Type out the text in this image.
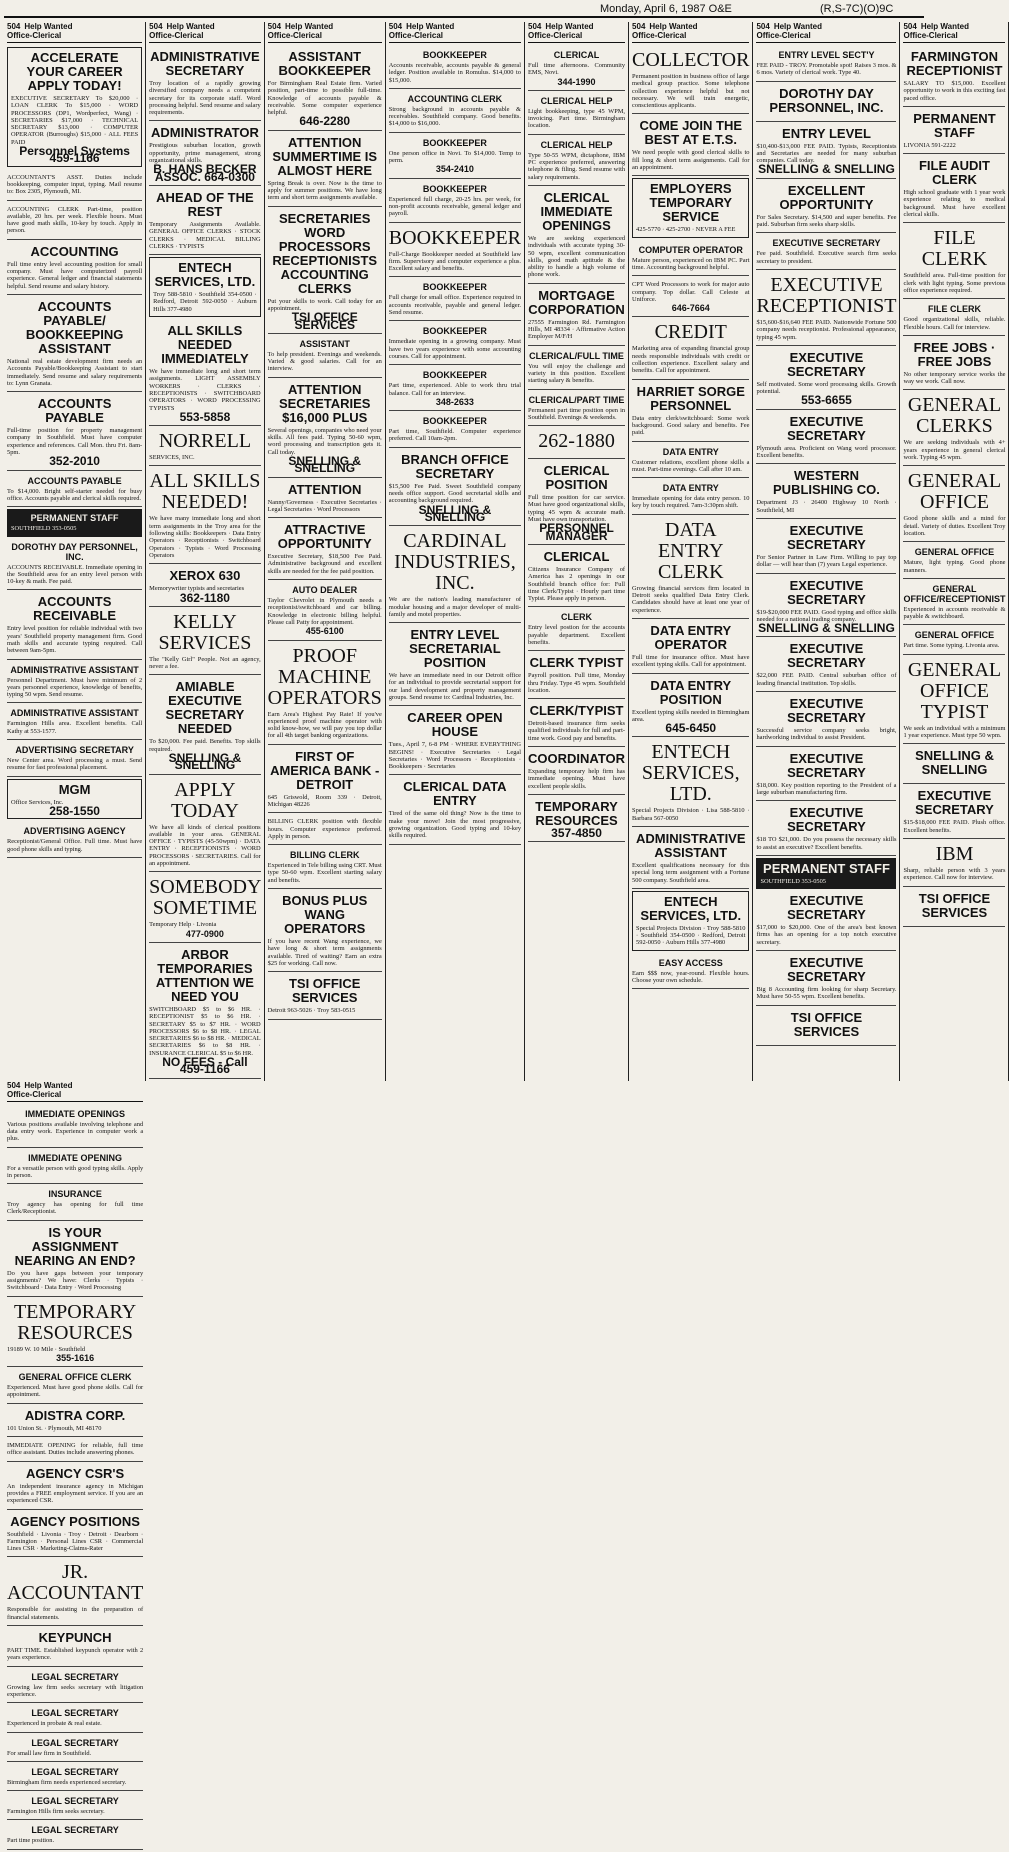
Monday, April 6, 1987 O&E	(R,S-7C)(O)9C
504 Help Wanted
Office-Clerical
ACCELERATE YOUR CAREER APPLY TODAY!
EXECUTIVE SECRETARY To $20,000 · LOAN CLERK To $15,000 · WORD PROCESSORS (DP1, Wordperfect, Wang) · SECRETARIES $17,000 · TECHNICAL SECRETARY $13,000 · COMPUTER OPERATOR (Burroughs) $15,000 · ALL FEES PAID
Personnel Systems 459-1166
ACCOUNTANT'S ASST. Duties include bookkeeping, computer input, typing. Mail resume to: Box 2305, Plymouth, MI.
ACCOUNTING CLERK Part-time, position available, 20 hrs. per week. Flexible hours. Must have good math skills, 10-key by touch. Apply in person.
ACCOUNTING
Full time entry level accounting position for small company. Must have computerized payroll experience. General ledger and financial statements helpful. Send resume and salary history.
ACCOUNTS PAYABLE/ BOOKKEEPING ASSISTANT
National real estate development firm needs an Accounts Payable/Bookkeeping Assistant to start immediately. Send resume and salary requirements to: Lynn Granata.
ACCOUNTS PAYABLE
Full-time position for property management company in Southfield. Must have computer experience and references. Call Mon. thru Fri. 8am-5pm.
352-2010
ACCOUNTS PAYABLE
To $14,000. Bright self-starter needed for busy office. Accounts payable and clerical skills required.
PERMANENT STAFF
SOUTHFIELD 353-0505
DOROTHY DAY PERSONNEL, INC.
ACCOUNTS RECEIVABLE. Immediate opening in the Southfield area for an entry level person with 10-key & math. Fee paid.
ACCOUNTS RECEIVABLE
Entry level position for reliable individual with two years' Southfield property management firm. Good math skills and accurate typing required. Call between 9am-5pm.
ADMINISTRATIVE ASSISTANT
Personnel Department. Must have minimum of 2 years personnel experience, knowledge of benefits, typing 50 wpm. Send resume.
ADMINISTRATIVE ASSISTANT
Farmington Hills area. Excellent benefits. Call Kathy at 553-1577.
ADVERTISING SECRETARY
New Center area. Word processing a must. Send resume for fast professional placement.
MGM
Office Services, Inc.
258-1550
ADVERTISING AGENCY
Receptionist/General Office. Full time. Must have good phone skills and typing.
504 Help Wanted
Office-Clerical
ADMINISTRATIVE SECRETARY
Troy location of a rapidly growing diversified company needs a competent secretary for its corporate staff. Word processing helpful. Send resume and salary requirements.
ADMINISTRATOR
Prestigious suburban location, growth opportunity, prime management, strong organizational skills.
B. HANS BECKER ASSOC. 664-0300
AHEAD OF THE REST
Temporary Assignments Available. GENERAL OFFICE CLERKS · STOCK CLERKS · MEDICAL BILLING CLERKS · TYPISTS
ENTECH SERVICES, LTD.
Troy 588-5810 · Southfield 354-0500 · Redford, Detroit 592-0050 · Auburn Hills 377-4980
ALL SKILLS NEEDED IMMEDIATELY
We have immediate long and short term assignments. LIGHT ASSEMBLY WORKERS · CLERKS · RECEPTIONISTS · SWITCHBOARD OPERATORS · WORD PROCESSING TYPISTS
553-5858
NORRELL
SERVICES, INC.
ALL SKILLS NEEDED!
We have many immediate long and short term assignments in the Troy area for the following skills: Bookkeepers · Data Entry Operators · Receptionists · Switchboard Operators · Typists · Word Processing Operators
XEROX 630
Memorywriter typists and secretaries
362-1180
KELLY SERVICES
The "Kelly Girl" People. Not an agency, never a fee.
AMIABLE EXECUTIVE SECRETARY NEEDED
To $20,000. Fee paid. Benefits. Top skills required.
SNELLING & SNELLING
APPLY TODAY
We have all kinds of clerical positions available in your area. GENERAL OFFICE · TYPISTS (45-50wpm) · DATA ENTRY · RECEPTIONISTS · WORD PROCESSORS · SECRETARIES. Call for an appointment.
SOMEBODY SOMETIME
Temporary Help · Livonia
477-0900
ARBOR TEMPORARIES ATTENTION WE NEED YOU
SWITCHBOARD $5 to $6 HR. · RECEPTIONIST $5 to $6 HR. · SECRETARY $5 to $7 HR. · WORD PROCESSORS $6 to $8 HR. · LEGAL SECRETARIES $6 to $8 HR. · MEDICAL SECRETARIES $6 to $8 HR. · INSURANCE CLERICAL $5 to $6 HR.
NO FEES - Call 459-1166
504 Help Wanted
Office-Clerical
ASSISTANT BOOKKEEPER
For Birmingham Real Estate firm. Varied position, part-time to possible full-time. Knowledge of accounts payable & receivable. Some computer experience helpful.
646-2280
ATTENTION SUMMERTIME IS ALMOST HERE
Spring Break is over. Now is the time to apply for summer positions. We have long term and short term assignments available.
SECRETARIES WORD PROCESSORS RECEPTIONISTS ACCOUNTING CLERKS
Put your skills to work. Call today for an appointment.
TSI OFFICE SERVICES
ASSISTANT
To help president. Evenings and weekends. Varied & good salaries. Call for an interview.
ATTENTION SECRETARIES $16,000 PLUS
Several openings, companies who need your skills. All fees paid. Typing 50-60 wpm, word processing and transcription gets it. Call today.
SNELLING & SNELLING
ATTENTION
Nanny/Governess · Executive Secretaries · Legal Secretaries · Word Processors
ATTRACTIVE OPPORTUNITY
Executive Secretary, $18,500 Fee Paid. Administrative background and excellent skills are needed for the fee paid position.
AUTO DEALER
Taylor Chevrolet in Plymouth needs a receptionist/switchboard and car billing. Knowledge in electronic billing helpful. Please call Patty for appointment.
455-6100
PROOF MACHINE OPERATORS
Earn Area's Highest Pay Rate! If you've experienced proof machine operator with solid know-how, we will pay you top dollar for all 4th target banking organizations.
FIRST OF AMERICA BANK - DETROIT
645 Griswold, Room 339 · Detroit, Michigan 48226
BILLING CLERK position with flexible hours. Computer experience preferred. Apply in person.
BILLING CLERK
Experienced in Tele billing using CRT. Must type 50-60 wpm. Excellent starting salary and benefits.
BONUS PLUS WANG OPERATORS
If you have recent Wang experience, we have long & short term assignments available. Tired of waiting? Earn an extra $25 for working. Call now.
TSI OFFICE SERVICES
Detroit 963-5026 · Troy 583-0515
504 Help Wanted
Office-Clerical
BOOKKEEPER
Accounts receivable, accounts payable & general ledger. Position available in Romulus. $14,000 to $15,000.
ACCOUNTING CLERK
Strong background in accounts payable & receivables. Southfield company. Good benefits. $14,000 to $16,000.
BOOKKEEPER
One person office in Novi. To $14,000. Temp to perm.
354-2410
BOOKKEEPER
Experienced full charge, 20-25 hrs. per week, for non-profit accounts receivable, general ledger and payroll.
BOOKKEEPER
Full-Charge Bookkeeper needed at Southfield law firm. Supervisory and computer experience a plus. Excellent salary and benefits.
BOOKKEEPER
Full charge for small office. Experience required in accounts receivable, payable and general ledger. Send resume.
BOOKKEEPER
Immediate opening in a growing company. Must have two years experience with some accounting courses. Call for appointment.
BOOKKEEPER
Part time, experienced. Able to work thru trial balance. Call for an interview.
348-2633
BOOKKEEPER
Part time, Southfield. Computer experience preferred. Call 10am-2pm.
BRANCH OFFICE SECRETARY
$15,500 Fee Paid. Sweet Southfield company needs office support. Good secretarial skills and accounting background required.
SNELLING & SNELLING
CARDINAL INDUSTRIES, INC.
We are the nation's leading manufacturer of modular housing and a major developer of multi-family and motel properties.
ENTRY LEVEL SECRETARIAL POSITION
We have an immediate need in our Detroit office for an individual to provide secretarial support for our land development and property management groups. Send resume to: Cardinal Industries, Inc.
CAREER OPEN HOUSE
Tues., April 7, 6-8 PM · WHERE EVERYTHING BEGINS! · Executive Secretaries · Legal Secretaries · Word Processors · Receptionists · Bookkeepers · Secretaries
CLERICAL DATA ENTRY
Tired of the same old thing? Now is the time to make your move! Join the most progressive, growing organization. Good typing and 10-key skills required.
504 Help Wanted
Office-Clerical
CLERICAL
Full time afternoons. Community EMS, Novi.
344-1990
CLERICAL HELP
Light bookkeeping, type 45 WPM, invoicing. Part time. Birmingham location.
CLERICAL HELP
Type 50-55 WPM, dictaphone, IBM PC experience preferred, answering telephone & filing. Send resume with salary requirements.
CLERICAL IMMEDIATE OPENINGS
We are seeking experienced individuals with accurate typing 30-50 wpm, excellent communication skills, good math aptitude & the ability to handle a high volume of phone work.
MORTGAGE CORPORATION
27555 Farmington Rd. Farmington Hills, MI 48334 · Affirmative Action Employer M/F/H
CLERICAL/FULL TIME
You will enjoy the challenge and variety in this position. Excellent starting salary & benefits.
CLERICAL/PART TIME
Permanent part time position open in Southfield. Evenings & weekends.
262-1880
CLERICAL POSITION
Full time position for car service. Must have good organizational skills, typing 45 wpm & accurate math. Must have own transportation.
PERSONNEL MANAGER
CLERICAL
Citizens Insurance Company of America has 2 openings in our Southfield branch office for: Full time Clerk/Typist · Hourly part time Typist. Please apply in person.
CLERK
Entry level postion for the accounts payable department. Excellent benefits.
CLERK TYPIST
Payroll position. Full time, Monday thru Friday. Type 45 wpm. Southfield location.
CLERK/TYPIST
Detroit-based insurance firm seeks qualified individuals for full and part-time work. Good pay and benefits.
COORDINATOR
Expanding temporary help firm has immediate opening. Must have excellent people skills.
TEMPORARY RESOURCES
357-4850
504 Help Wanted
Office-Clerical
COLLECTOR
Permanent position in business office of large medical group practice. Some telephone collection experience helpful but not necessary. We will train energetic, conscientious applicants.
COME JOIN THE BEST AT E.T.S.
We need people with good clerical skills to fill long & short term assignments. Call for an appointment.
EMPLOYERS TEMPORARY SERVICE
425-5770 · 425-2700 · NEVER A FEE
COMPUTER OPERATOR
Mature person, experienced on IBM PC. Part time. Accounting background helpful.
CPT Word Processors to work for major auto company. Top dollar. Call Celeste at Uniforce.
646-7664
CREDIT
Marketing area of expanding financial group needs responsible individuals with credit or collection experience. Excellent salary and benefits. Call for appointment.
HARRIET SORGE PERSONNEL
Data entry clerk/switchboard: Some work background. Good salary and benefits. Fee paid.
DATA ENTRY
Customer relations, excellent phone skills a must. Part-time evenings. Call after 10 am.
DATA ENTRY
Immediate opening for data entry person. 10 key by touch required. 7am-3:30pm shift.
DATA ENTRY CLERK
Growing financial services firm located in Detroit seeks qualified Data Entry Clerk. Candidates should have at least one year of experience.
DATA ENTRY OPERATOR
Full time for insurance office. Must have excellent typing skills. Call for appointment.
DATA ENTRY POSITION
Excellent typing skills needed in Birmingham area.
645-6450
ENTECH SERVICES, LTD.
Special Projects Division · Lisa 588-5810 · Barbara 567-0050
ADMINISTRATIVE ASSISTANT
Excellent qualifications necessary for this special long term assignment with a Fortune 500 company. Southfield area.
ENTECH SERVICES, LTD.
Special Projects Division · Troy 588-5810 · Southfield 354-0500 · Redford, Detroit 592-0050 · Auburn Hills 377-4980
EASY ACCESS
Earn $$$ now, year-round. Flexible hours. Choose your own schedule.
504 Help Wanted
Office-Clerical
ENTRY LEVEL SECT'Y
FEE PAID - TROY. Promotable spot! Raises 3 mos. & 6 mos. Variety of clerical work. Type 40.
DOROTHY DAY PERSONNEL, INC.
ENTRY LEVEL
$10,400-$13,000 FEE PAID. Typists, Receptionists and Secretaries are needed for many suburban companies. Call today.
SNELLING & SNELLING
EXCELLENT OPPORTUNITY
For Sales Secretary. $14,500 and super benefits. Fee paid. Suburban firm seeks sharp skills.
EXECUTIVE SECRETARY
Fee paid. Southfield. Executive search firm seeks secretary to president.
EXECUTIVE RECEPTIONIST
$15,600-$16,640 FEE PAID. Nationwide Fortune 500 company needs receptionist. Professional appearance, typing 45 wpm.
EXECUTIVE SECRETARY
Self motivated. Some word processing skills. Growth potential.
553-6655
EXECUTIVE SECRETARY
Plymouth area. Proficient on Wang word processor. Excellent benefits.
WESTERN PUBLISHING CO.
Department J3 · 26400 Highway 10 North · Southfield, MI
EXECUTIVE SECRETARY
For Senior Partner in Law Firm. Willing to pay top dollar — will hear than (7) years Legal experience.
EXECUTIVE SECRETARY
$19-$20,000 FEE PAID. Good typing and office skills needed for a national trading company.
SNELLING & SNELLING
EXECUTIVE SECRETARY
$22,000 FEE PAID. Central suburban office of leading financial institution. Top skills.
EXECUTIVE SECRETARY
Successful service company seeks bright, hardworking individual to assist President.
EXECUTIVE SECRETARY
$18,000. Key position reporting to the President of a large suburban manufacturing firm.
EXECUTIVE SECRETARY
$18 TO $21,000. Do you possess the necessary skills to assist an executive? Excellent benefits.
PERMANENT STAFF
SOUTHFIELD 353-0505
EXECUTIVE SECRETARY
$17,000 to $20,000. One of the area's best known firms has an opening for a top notch executive secretary.
EXECUTIVE SECRETARY
Big 8 Accounting firm looking for sharp Secretary. Must have 50-55 wpm. Excellent benefits.
TSI OFFICE SERVICES
504 Help Wanted
Office-Clerical
FARMINGTON RECEPTIONIST
SALARY TO $15,000. Excellent opportunity to work in this exciting fast paced office.
PERMANENT STAFF
LIVONIA 591-2222
FILE AUDIT CLERK
High school graduate with 1 year work experience relating to medical background. Must have excellent clerical skills.
FILE CLERK
Southfield area. Full-time position for clerk with light typing. Some previous office experience required.
FILE CLERK
Good organizational skills, reliable. Flexible hours. Call for interview.
FREE JOBS · FREE JOBS
No other temporary service works the way we work. Call now.
GENERAL CLERKS
We are seeking individuals with 4+ years experience in general clerical work. Typing 45 wpm.
GENERAL OFFICE
Good phone skills and a mind for detail. Variety of duties. Excellent Troy location.
GENERAL OFFICE
Mature, light typing. Good phone manners.
GENERAL OFFICE/RECEPTIONIST
Experienced in accounts receivable & payable & switchboard.
GENERAL OFFICE
Part time. Some typing. Livonia area.
GENERAL OFFICE TYPIST
We seek an individual with a minimum 1 year experience. Must type 50 wpm.
SNELLING & SNELLING
EXECUTIVE SECRETARY
$15-$18,000 FEE PAID. Plush office. Excellent benefits.
IBM
Sharp, reliable person with 3 years experience. Call now for interview.
TSI OFFICE SERVICES
504 Help Wanted
Office-Clerical
IMMEDIATE OPENINGS
Various positions available involving telephone and data entry work. Experience in computer work a plus.
IMMEDIATE OPENING
For a versatile person with good typing skills. Apply in person.
INSURANCE
Troy agency has opening for full time Clerk/Receptionist.
IS YOUR ASSIGNMENT NEARING AN END?
Do you have gaps between your temporary assignments? We have: Clerks · Typists · Switchboard · Data Entry · Word Processing
TEMPORARY RESOURCES
19189 W. 10 Mile · Southfield
355-1616
GENERAL OFFICE CLERK
Experienced. Must have good phone skills. Call for appointment.
ADISTRA CORP.
101 Union St. · Plymouth, MI 48170
IMMEDIATE OPENING for reliable, full time office assistant. Duties include answering phones.
AGENCY CSR'S
An independent insurance agency in Michigan provides a FREE employment service. If you are an experienced CSR.
AGENCY POSITIONS
Southfield · Livonia · Troy · Detroit · Dearborn · Farmington · Personal Lines CSR · Commercial Lines CSR · Marketing-Claims-Rater
JR. ACCOUNTANT
Responsible for assisting in the preparation of financial statements.
KEYPUNCH
PART TIME. Established keypunch operator with 2 years experience.
LEGAL SECRETARY
Growing law firm seeks secretary with litigation experience.
LEGAL SECRETARY
Experienced in probate & real estate.
LEGAL SECRETARY
For small law firm in Southfield.
LEGAL SECRETARY
Birmingham firm needs experienced secretary.
LEGAL SECRETARY
Farmington Hills firm seeks secretary.
LEGAL SECRETARY
Part time position.
